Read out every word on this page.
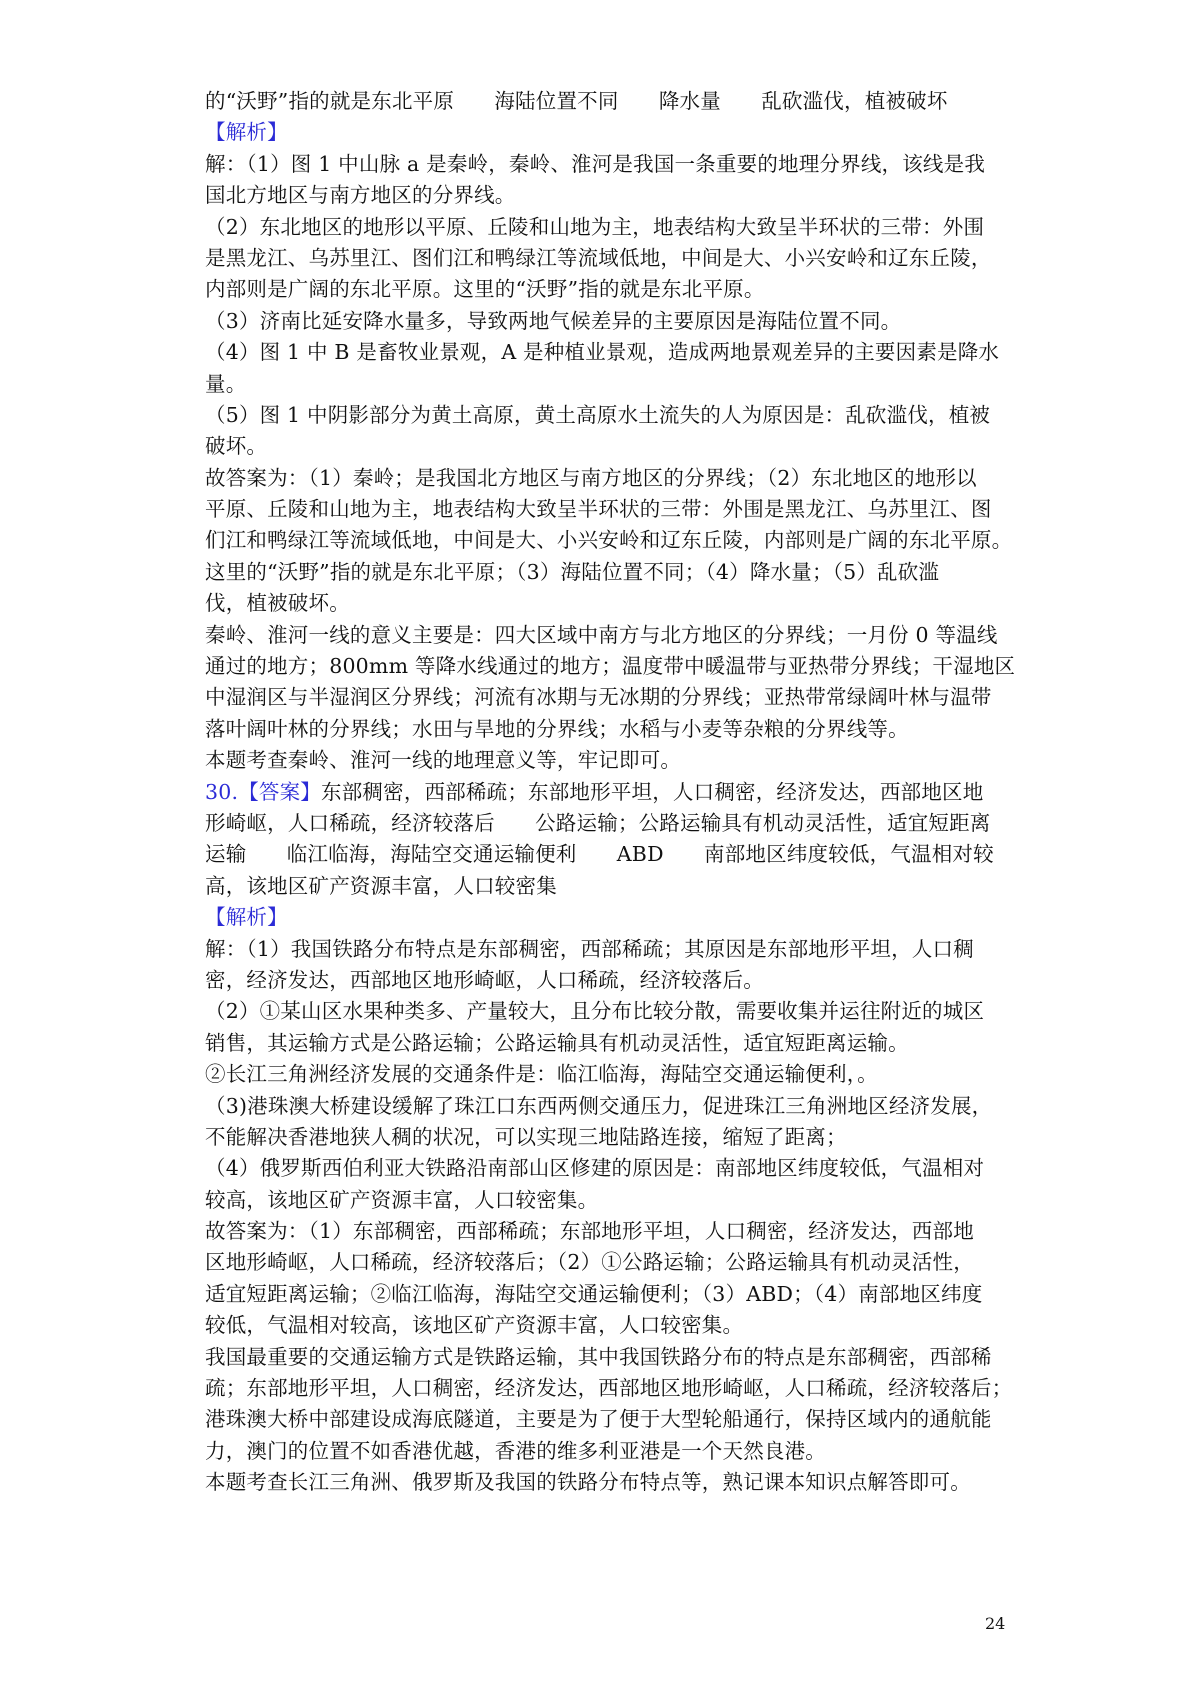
的“沃野”指的就是东北平原      海陆位置不同      降水量      乱砍滥伐，植被破坏
【解析】
解：（1）图 1 中山脉 a 是秦岭，秦岭、淮河是我国一条重要的地理分界线，该线是我
国北方地区与南方地区的分界线。
（2）东北地区的地形以平原、丘陵和山地为主，地表结构大致呈半环状的三带：外围
是黑龙江、乌苏里江、图们江和鸭绿江等流域低地，中间是大、小兴安岭和辽东丘陵，
内部则是广阔的东北平原。这里的“沃野”指的就是东北平原。
（3）济南比延安降水量多，导致两地气候差异的主要原因是海陆位置不同。
（4）图 1 中 B 是畜牧业景观，A 是种植业景观，造成两地景观差异的主要因素是降水
量。
（5）图 1 中阴影部分为黄土高原，黄土高原水土流失的人为原因是：乱砍滥伐，植被
破坏。
故答案为：（1）秦岭；是我国北方地区与南方地区的分界线；（2）东北地区的地形以
平原、丘陵和山地为主，地表结构大致呈半环状的三带：外围是黑龙江、乌苏里江、图
们江和鸭绿江等流域低地，中间是大、小兴安岭和辽东丘陵，内部则是广阔的东北平原。
这里的“沃野”指的就是东北平原；（3）海陆位置不同；（4）降水量；（5）乱砍滥
伐，植被破坏。
秦岭、淮河一线的意义主要是：四大区域中南方与北方地区的分界线；一月份 0 等温线
通过的地方；800mm 等降水线通过的地方；温度带中暖温带与亚热带分界线；干湿地区
中湿润区与半湿润区分界线；河流有冰期与无冰期的分界线；亚热带常绿阔叶林与温带
落叶阔叶林的分界线；水田与旱地的分界线；水稻与小麦等杂粮的分界线等。
本题考查秦岭、淮河一线的地理意义等，牢记即可。
30.【答案】东部稠密，西部稀疏；东部地形平坦，人口稠密，经济发达，西部地区地
形崎岖，人口稀疏，经济较落后      公路运输；公路运输具有机动灵活性，适宜短距离
运输      临江临海，海陆空交通运输便利      ABD      南部地区纬度较低，气温相对较
高，该地区矿产资源丰富，人口较密集
【解析】
解：（1）我国铁路分布特点是东部稠密，西部稀疏；其原因是东部地形平坦，人口稠
密，经济发达，西部地区地形崎岖，人口稀疏，经济较落后。
（2）①某山区水果种类多、产量较大，且分布比较分散，需要收集并运往附近的城区
销售，其运输方式是公路运输；公路运输具有机动灵活性，适宜短距离运输。
②长江三角洲经济发展的交通条件是：临江临海，海陆空交通运输便利，。
（3)港珠澳大桥建设缓解了珠江口东西两侧交通压力，促进珠江三角洲地区经济发展，
不能解决香港地狭人稠的状况，可以实现三地陆路连接，缩短了距离；
（4）俄罗斯西伯利亚大铁路沿南部山区修建的原因是：南部地区纬度较低，气温相对
较高，该地区矿产资源丰富，人口较密集。
故答案为：（1）东部稠密，西部稀疏；东部地形平坦，人口稠密，经济发达，西部地
区地形崎岖，人口稀疏，经济较落后；（2）①公路运输；公路运输具有机动灵活性，
适宜短距离运输；②临江临海，海陆空交通运输便利；（3）ABD；（4）南部地区纬度
较低，气温相对较高，该地区矿产资源丰富，人口较密集。
我国最重要的交通运输方式是铁路运输，其中我国铁路分布的特点是东部稠密，西部稀
疏；东部地形平坦，人口稠密，经济发达，西部地区地形崎岖，人口稀疏，经济较落后；
港珠澳大桥中部建设成海底隧道，主要是为了便于大型轮船通行，保持区域内的通航能
力，澳门的位置不如香港优越，香港的维多利亚港是一个天然良港。
本题考查长江三角洲、俄罗斯及我国的铁路分布特点等，熟记课本知识点解答即可。
24
